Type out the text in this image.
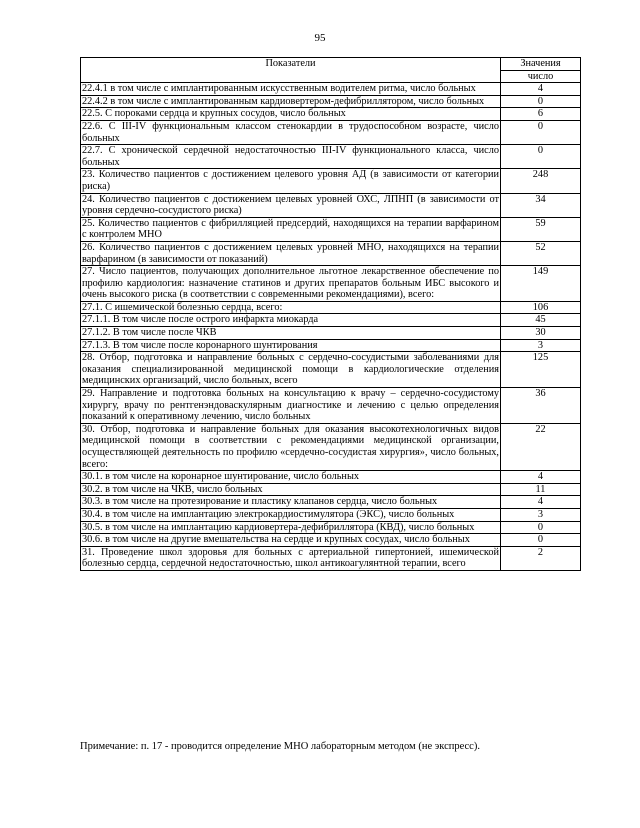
95
Показатели	Значения
	число
22.4.1 в том числе с имплантированным искусственным водителем ритма, число больных	4
22.4.2 в том числе с имплантированным кардиовертером-дефибриллятором, число больных	0
22.5. С пороками сердца и крупных сосудов, число больных	6
22.6. С III-IV функциональным классом стенокардии в трудоспособном возрасте, число больных	0
22.7. С хронической сердечной недостаточностью III-IV функционального класса, число больных	0
23. Количество пациентов с достижением целевого уровня АД (в зависимости от категории риска)	248
24. Количество пациентов с достижением целевых уровней ОХС, ЛПНП (в зависимости от уровня сердечно-сосудистого риска)	34
25. Количество пациентов с фибрилляцией предсердий, находящихся на терапии варфарином с контролем МНО	59
26. Количество пациентов с достижением целевых уровней МНО, находящихся на терапии варфарином (в зависимости от показаний)	52
27. Число пациентов, получающих дополнительное льготное лекарственное обеспечение по профилю кардиология: назначение статинов и других препаратов больным ИБС высокого и очень высокого риска (в соответствии с современными рекомендациями), всего:	149
27.1. С ишемической болезнью сердца, всего:	106
27.1.1. В том числе после острого инфаркта миокарда	45
27.1.2. В том числе после ЧКВ	30
27.1.3. В том числе после коронарного шунтирования	3
28. Отбор, подготовка и направление больных с сердечно-сосудистыми заболеваниями для оказания специализированной медицинской помощи в кардиологические отделения медицинских организаций, число больных, всего	125
29. Направление и подготовка больных на консультацию к врачу – сердечно-сосудистому хирургу, врачу по рентгенэндоваскулярным диагностике и лечению с целью определения показаний к оперативному лечению, число больных	36
30. Отбор, подготовка и направление больных для оказания высокотехнологичных видов медицинской помощи в соответствии с рекомендациями медицинской организации, осуществляющей деятельность по профилю «сердечно-сосудистая хирургия», число больных, всего:	22
30.1. в том числе на коронарное шунтирование, число больных	4
30.2. в том числе на ЧКВ, число больных	11
30.3. в том числе на протезирование и пластику клапанов сердца, число больных	4
30.4. в том числе на имплантацию электрокардиостимулятора (ЭКС), число больных	3
30.5. в том числе на имплантацию кардиовертера-дефибриллятора (КВД), число больных	0
30.6. в том числе на другие вмешательства на сердце и крупных сосудах, число больных	0
31. Проведение школ здоровья для больных с артериальной гипертонией, ишемической болезнью сердца, сердечной недостаточностью, школ антикоагулянтной терапии, всего	2
Примечание: п. 17 - проводится определение МНО лабораторным методом (не экспресс).
